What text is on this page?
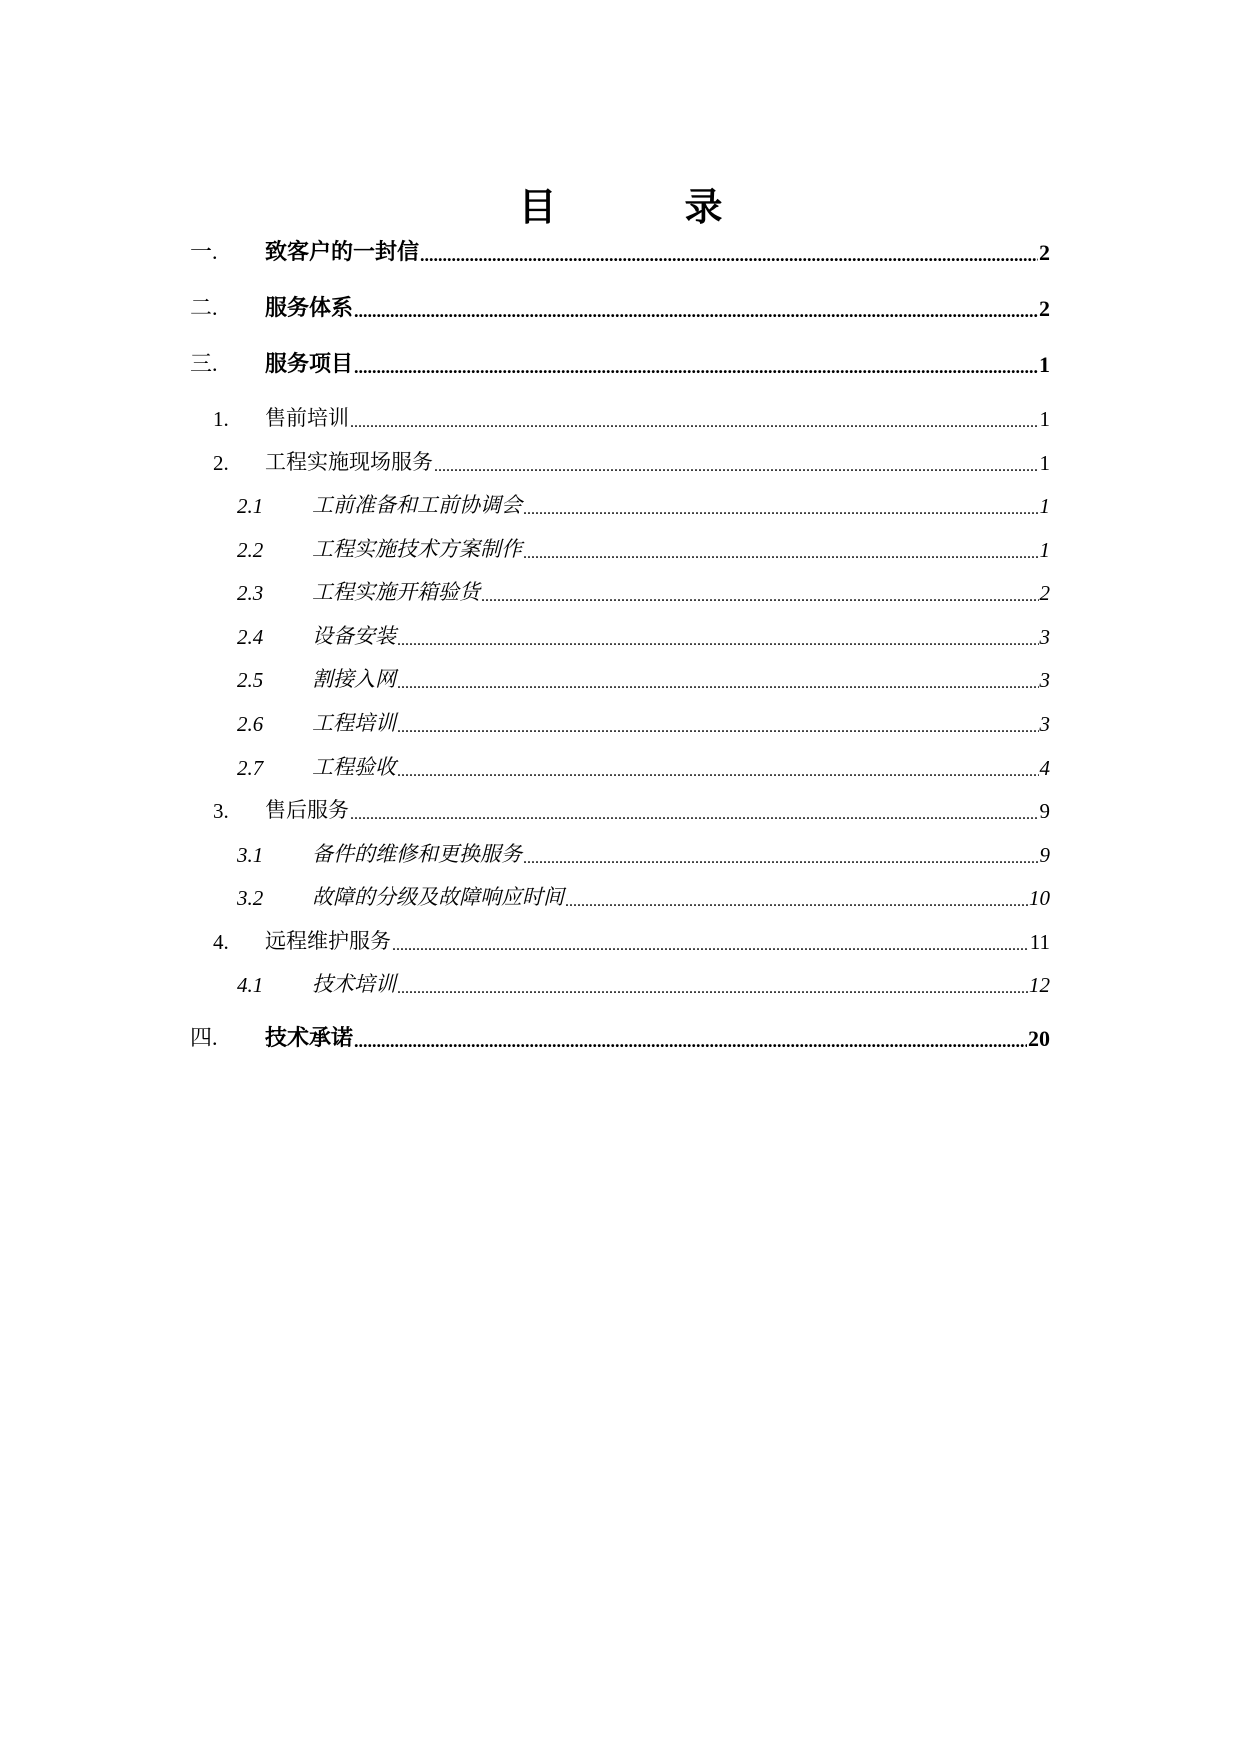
目	录
一.	致客户的一封信 .....	2
二.	服务体系 .....	2
三.	服务项目 .....	1
1.	售前培训 .....	1
2.	工程实施现场服务 .....	1
2.1	工前准备和工前协调会 .....	1
2.2	工程实施技术方案制作 .....	1
2.3	工程实施开箱验货 .....	2
2.4	设备安装 .....	3
2.5	割接入网 .....	3
2.6	工程培训 .....	3
2.7	工程验收 .....	4
3.	售后服务 .....	9
3.1	备件的维修和更换服务 .....	9
3.2	故障的分级及故障响应时间 .....	10
4.	远程维护服务 .....	11
4.1	技术培训 .....	12
四.	技术承诺 .....	20
